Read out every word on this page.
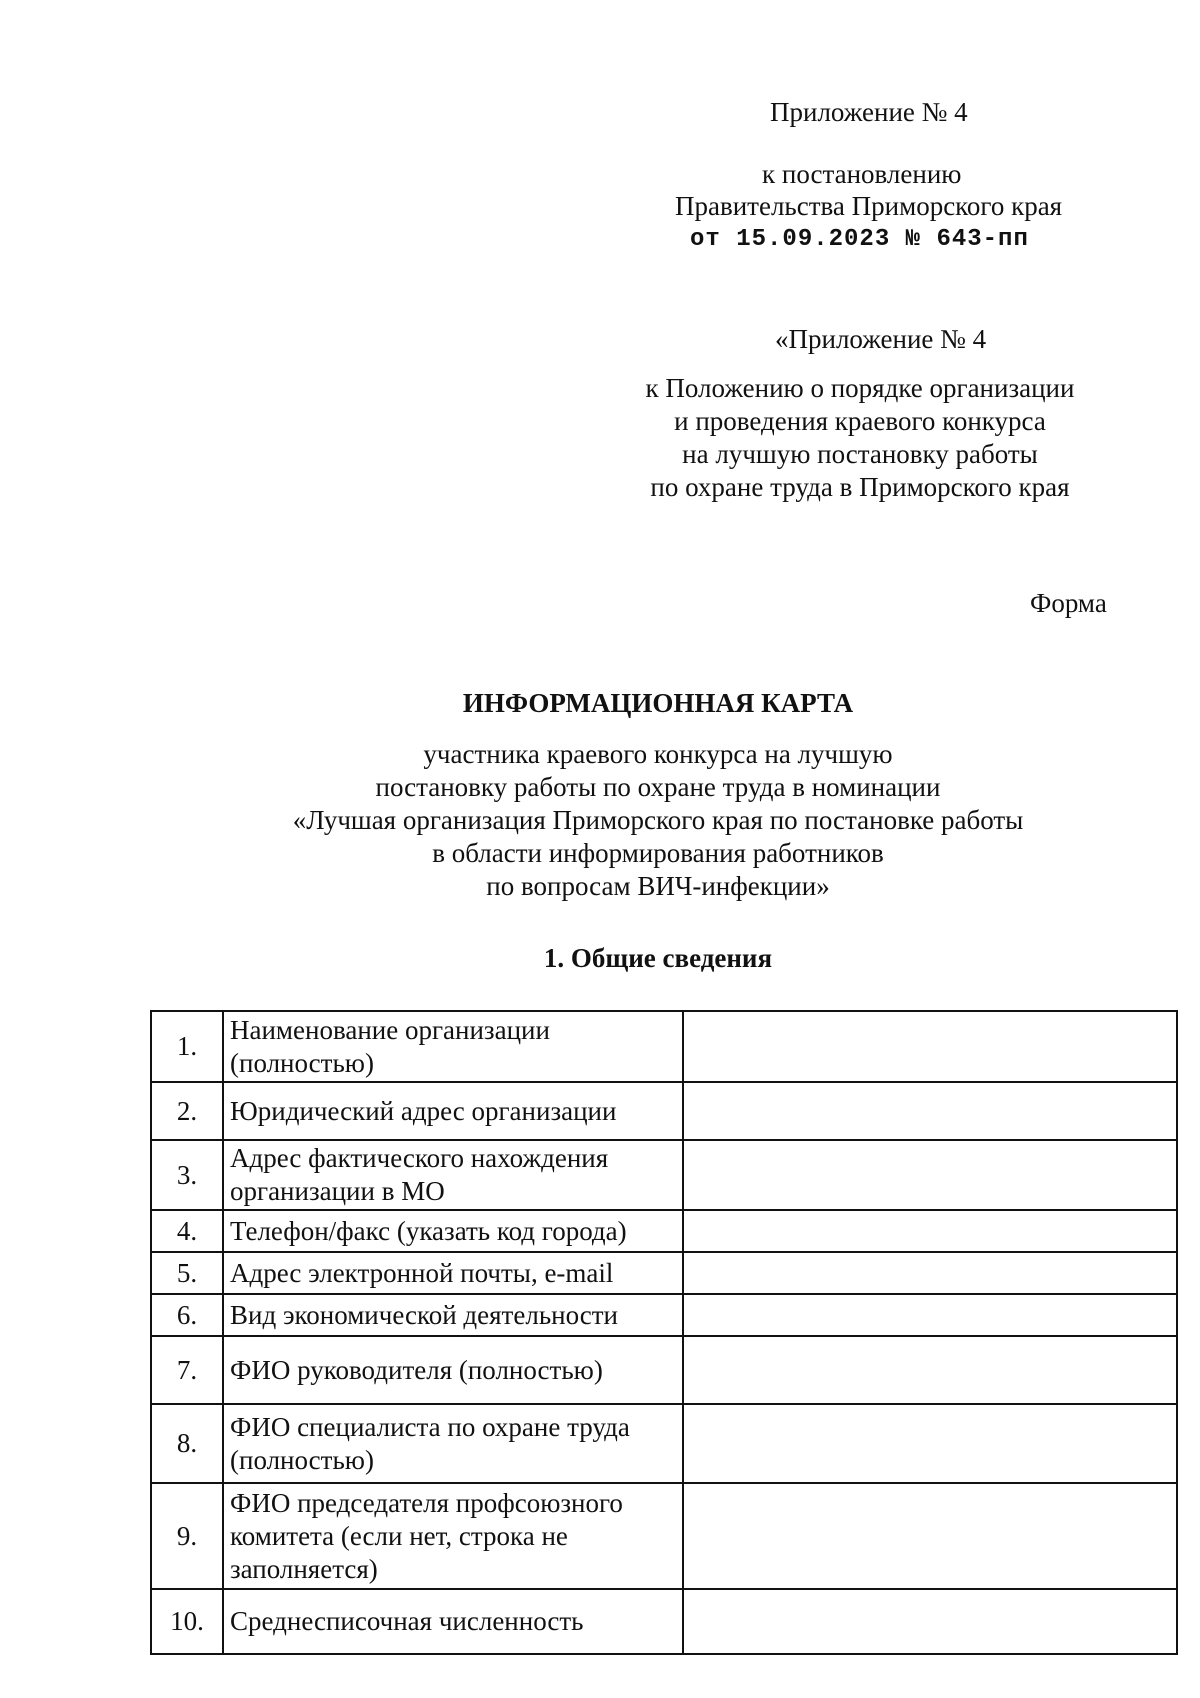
Приложение № 4
к постановлению
Правительства Приморского края
от 15.09.2023 № 643-пп
«Приложение № 4
к Положению о порядке организации
и проведения краевого конкурса
на лучшую постановку работы
по охране труда в Приморского края
Форма
ИНФОРМАЦИОННАЯ КАРТА
участника краевого конкурса на лучшую
постановку работы по охране труда в номинации
«Лучшая организация Приморского края по постановке работы
в области информирования работников
по вопросам ВИЧ-инфекции»
1. Общие сведения
1.	Наименование организации (полностью)	
2.	Юридический адрес организации	
3.	Адрес фактического нахождения организации в МО	
4.	Телефон/факс (указать код города)	
5.	Адрес электронной почты, e-mail	
6.	Вид экономической деятельности	
7.	ФИО руководителя (полностью)	
8.	ФИО специалиста по охране труда (полностью)	
9.	ФИО председателя профсоюзного комитета (если нет, строка не заполняется)	
10.	Среднесписочная численность	
